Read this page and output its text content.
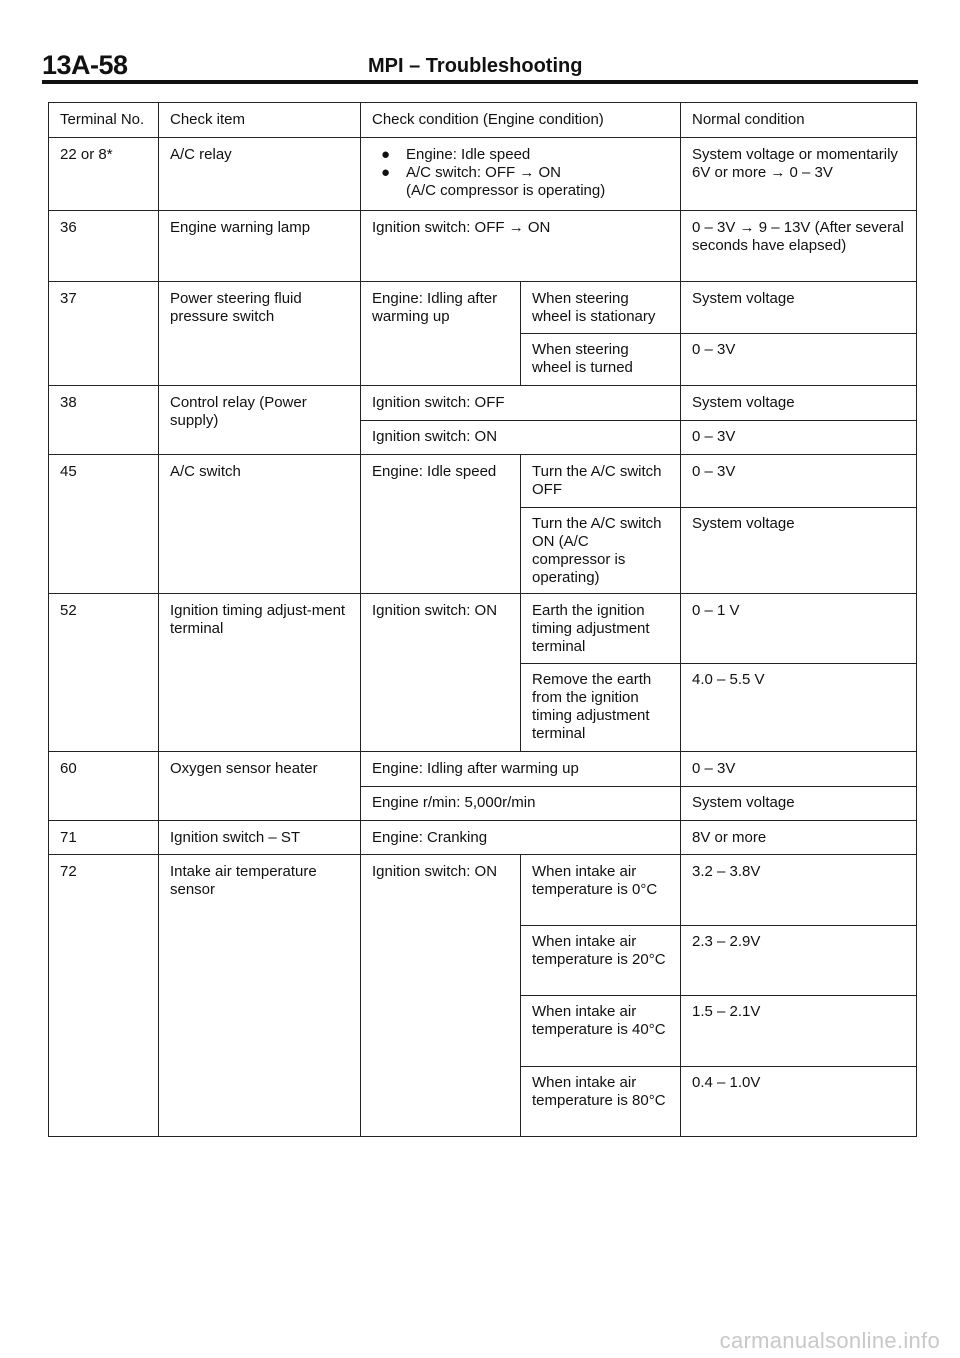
13A-58	MPI – Troubleshooting
Terminal No.	Check item	Check condition (Engine condition)		Normal condition
22 or 8*	A/C relay	● Engine: Idle speed
● A/C switch: OFF → ON
(A/C compressor is operating)		System voltage or momentarily 6V or more → 0 – 3V
36	Engine warning lamp	Ignition switch: OFF → ON		0 – 3V → 9 – 13V (After several seconds have elapsed)
37	Power steering fluid pressure switch	Engine: Idling after warming up	When steering wheel is stationary	System voltage
			When steering wheel is turned	0 – 3V
38	Control relay (Power supply)	Ignition switch: OFF		System voltage
		Ignition switch: ON		0 – 3V
45	A/C switch	Engine: Idle speed	Turn the A/C switch OFF	0 – 3V
			Turn the A/C switch ON (A/C compressor is operating)	System voltage
52	Ignition timing adjust-ment terminal	Ignition switch: ON	Earth the ignition timing adjustment terminal	0 – 1 V
			Remove the earth from the ignition timing adjustment terminal	4.0 – 5.5 V
60	Oxygen sensor heater	Engine: Idling after warming up		0 – 3V
		Engine r/min: 5,000r/min		System voltage
71	Ignition switch – ST	Engine: Cranking		8V or more
72	Intake air temperature sensor	Ignition switch: ON	When intake air temperature is 0°C	3.2 – 3.8V
			When intake air temperature is 20°C	2.3 – 2.9V
			When intake air temperature is 40°C	1.5 – 2.1V
			When intake air temperature is 80°C	0.4 – 1.0V
carmanualsonline.info
